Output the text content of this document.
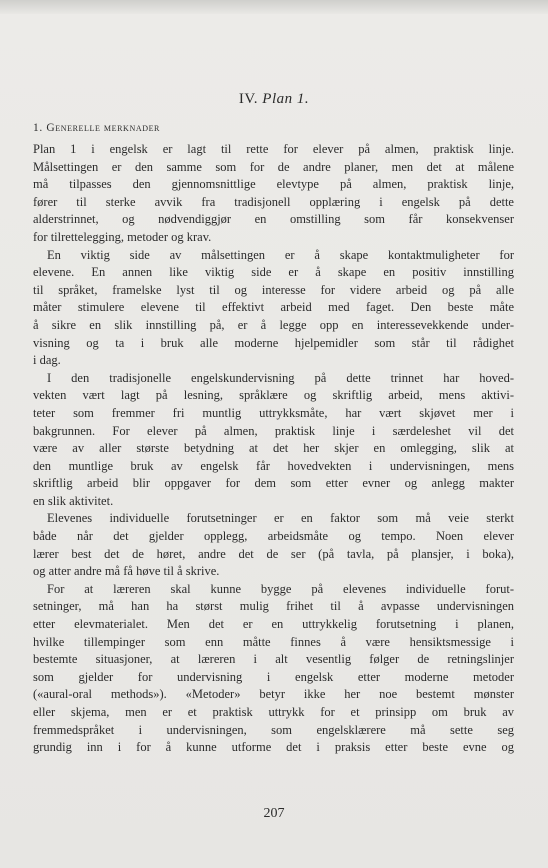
IV. Plan 1.
1. Generelle merknader
Plan 1 i engelsk er lagt til rette for elever på almen, praktisk linje.
Målsettingen er den samme som for de andre planer, men det at målene
må tilpasses den gjennomsnittlige elevtype på almen, praktisk linje,
fører til sterke avvik fra tradisjonell opplæring i engelsk på dette
alderstrinnet, og nødvendiggjør en omstilling som får konsekvenser
for tilrettelegging, metoder og krav.
En viktig side av målsettingen er å skape kontaktmuligheter for
elevene. En annen like viktig side er å skape en positiv innstilling
til språket, framelske lyst til og interesse for videre arbeid og på alle
måter stimulere elevene til effektivt arbeid med faget. Den beste måte
å sikre en slik innstilling på, er å legge opp en interessevekkende under-
visning og ta i bruk alle moderne hjelpemidler som står til rådighet
i dag.
I den tradisjonelle engelskundervisning på dette trinnet har hoved-
vekten vært lagt på lesning, språklære og skriftlig arbeid, mens aktivi-
teter som fremmer fri muntlig uttrykksmåte, har vært skjøvet mer i
bakgrunnen. For elever på almen, praktisk linje i særdeleshet vil det
være av aller største betydning at det her skjer en omlegging, slik at
den muntlige bruk av engelsk får hovedvekten i undervisningen, mens
skriftlig arbeid blir oppgaver for dem som etter evner og anlegg makter
en slik aktivitet.
Elevenes individuelle forutsetninger er en faktor som må veie sterkt
både når det gjelder opplegg, arbeidsmåte og tempo. Noen elever
lærer best det de høret, andre det de ser (på tavla, på plansjer, i boka),
og atter andre må få høve til å skrive.
For at læreren skal kunne bygge på elevenes individuelle forut-
setninger, må han ha størst mulig frihet til å avpasse undervisningen
etter elevmaterialet. Men det er en uttrykkelig forutsetning i planen,
hvilke tillempinger som enn måtte finnes å være hensiktsmessige i
bestemte situasjoner, at læreren i alt vesentlig følger de retningslinjer
som gjelder for undervisning i engelsk etter moderne metoder
(«aural-oral methods»). «Metoder» betyr ikke her noe bestemt mønster
eller skjema, men er et praktisk uttrykk for et prinsipp om bruk av
fremmedspråket i undervisningen, som engelsklærere må sette seg
grundig inn i for å kunne utforme det i praksis etter beste evne og
207
